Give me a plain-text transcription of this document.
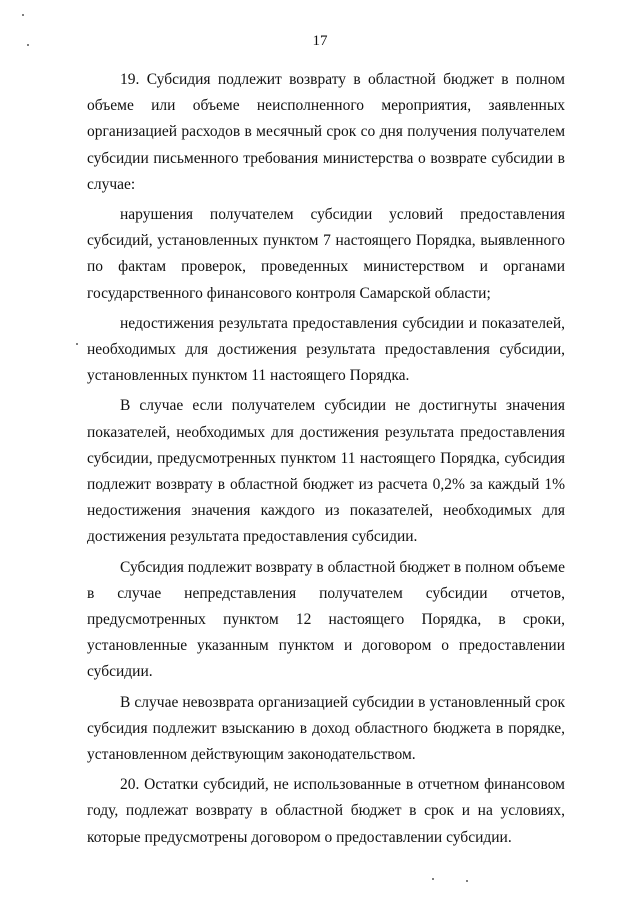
17

19. Субсидия подлежит возврату в областной бюджет в полном объеме или объеме неисполненного мероприятия, заявленных организацией расходов в месячный срок со дня получения получателем субсидии письменного требования министерства о возврате субсидии в случае:

нарушения получателем субсидии условий предоставления субсидий, установленных пунктом 7 настоящего Порядка, выявленного по фактам проверок, проведенных министерством и органами государственного финансового контроля Самарской области;

недостижения результата предоставления субсидии и показателей, необходимых для достижения результата предоставления субсидии, установленных пунктом 11 настоящего Порядка.

В случае если получателем субсидии не достигнуты значения показателей, необходимых для достижения результата предоставления субсидии, предусмотренных пунктом 11 настоящего Порядка, субсидия подлежит возврату в областной бюджет из расчета 0,2% за каждый 1% недостижения значения каждого из показателей, необходимых для достижения результата предоставления субсидии.

Субсидия подлежит возврату в областной бюджет в полном объеме в случае непредставления получателем субсидии отчетов, предусмотренных пунктом 12 настоящего Порядка, в сроки, установленные указанным пунктом и договором о предоставлении субсидии.

В случае невозврата организацией субсидии в установленный срок субсидия подлежит взысканию в доход областного бюджета в порядке, установленном действующим законодательством.

20. Остатки субсидий, не использованные в отчетном финансовом году, подлежат возврату в областной бюджет в срок и на условиях, которые предусмотрены договором о предоставлении субсидии.
